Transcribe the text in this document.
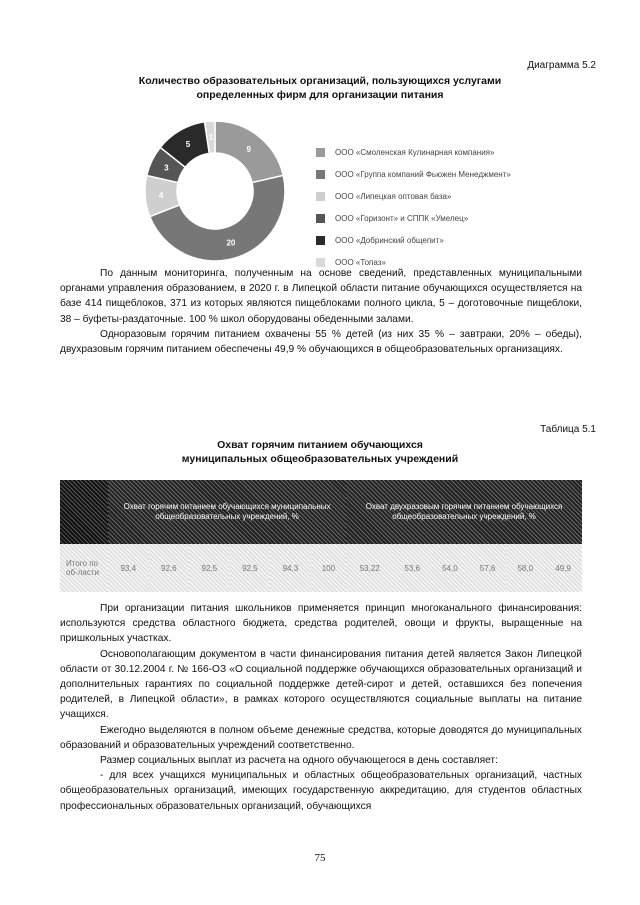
Диаграмма 5.2
Количество образовательных организаций, пользующихся услугами
определенных фирм для организации питания
9
20
4
3
5
1
ООО «Смоленская Кулинарная компания»
ООО «Группа компаний Фьюжен Менеджмент»
ООО «Липецкая оптовая база»
ООО «Горизонт» и СППК «Умелец»
ООО «Добринский общепит»
ООО «Топаз»

По данным мониторинга, полученным на основе сведений, представленных муниципальными органами управления образованием, в 2020 г. в Липецкой области питание обучающихся осуществляется на базе 414 пищеблоков, 371 из которых являются пищеблоками полного цикла, 5 – доготовочные пищеблоки, 38 – буфеты-раздаточные. 100 % школ оборудованы обеденными залами.

Одноразовым горячим питанием охвачены 55 % детей (из них 35 % – завтраки, 20% – обеды), двухразовым горячим питанием обеспечены 49,9 % обучающихся в общеобразовательных организациях.

Таблица 5.1
Охват горячим питанием обучающихся
муниципальных общеобразовательных учреждений
	Охват горячим питанием обучающихся муниципальных общеобразовательных учреждений, %						Охват двухразовым горячим питанием обучающихся общеобразовательных учреждений, %					
Итого по об-ласти	93,4	92,6	92,5	92,5	94,3	100	53,22	53,6	54,0	57,6	58,0	49,9

При организации питания школьников применяется принцип многоканального финансирования: используются средства областного бюджета, средства родителей, овощи и фрукты, выращенные на пришкольных участках.

Основополагающим документом в части финансирования питания детей является Закон Липецкой области от 30.12.2004 г. № 166-ОЗ «О социальной поддержке обучающихся образовательных организаций и дополнительных гарантиях по социальной поддержке детей-сирот и детей, оставшихся без попечения родителей, в Липецкой области», в рамках которого осуществляются социальные выплаты на питание учащихся.

Ежегодно выделяются в полном объеме денежные средства, которые доводятся до муниципальных образований и образовательных учреждений соответственно.

Размер социальных выплат из расчета на одного обучающегося в день составляет:

- для всех учащихся муниципальных и областных общеобразовательных организаций, частных общеобразовательных организаций, имеющих государственную аккредитацию, для студентов областных профессиональных образовательных организаций, обучающихся

75
